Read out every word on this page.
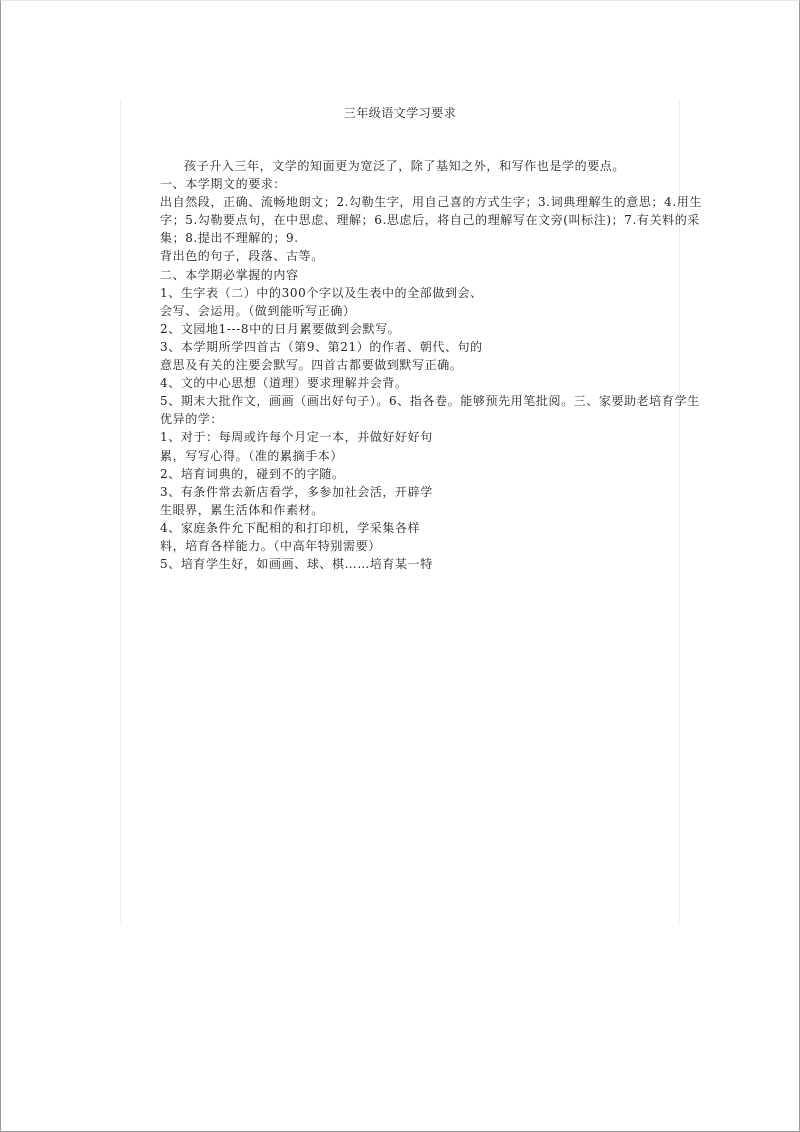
三年级语文学习要求
孩子升入三年，文学的知面更为宽泛了，除了基知之外，和写作也是学的要点。
一、本学期文的要求：
出自然段，正确、流畅地朗文；2.勾勒生字，用自己喜的方式生字；3.词典理解生的意思；4.用生
字；5.勾勒要点句，在中思虑、理解；6.思虑后，将自己的理解写在文旁(叫标注)；7.有关料的采
集；8.提出不理解的；9.
背出色的句子，段落、古等。
二、本学期必掌握的内容
1、生字表（二）中的300个字以及生表中的全部做到会、
会写、会运用。（做到能听写正确）
2、文园地1---8中的日月累要做到会默写。
3、本学期所学四首古（第9、第21）的作者、朝代、句的
意思及有关的注要会默写。四首古都要做到默写正确。
4、文的中心思想（道理）要求理解并会背。
5、期末大批作文，画画（画出好句子）。6、指各卷。能够预先用笔批阅。三、家要助老培育学生
优异的学：
1、对于：每周或许每个月定一本，并做好好好句
累，写写心得。（准的累摘手本）
2、培育词典的，碰到不的字随。
3、有条件常去新店看学，多参加社会活，开辟学
生眼界，累生活体和作素材。
4、家庭条件允下配相的和打印机，学采集各样
料，培育各样能力。（中高年特别需要）
5、培育学生好，如画画、球、棋……培育某一特
